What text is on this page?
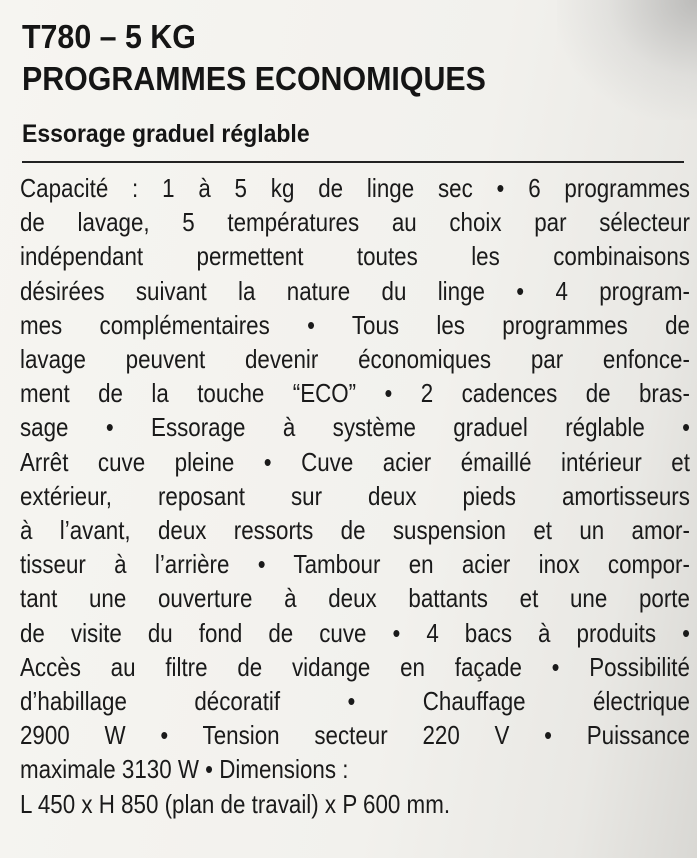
T780 – 5 KG
PROGRAMMES ECONOMIQUES
Essorage graduel réglable

Capacité : 1 à 5 kg de linge sec • 6 programmes
de lavage, 5 températures au choix par sélecteur
indépendant permettent toutes les combinaisons
désirées suivant la nature du linge • 4 program-
mes complémentaires • Tous les programmes de
lavage peuvent devenir économiques par enfonce-
ment de la touche “ECO” • 2 cadences de bras-
sage • Essorage à système graduel réglable •
Arrêt cuve pleine • Cuve acier émaillé intérieur et
extérieur, reposant sur deux pieds amortisseurs
à l’avant, deux ressorts de suspension et un amor-
tisseur à l’arrière • Tambour en acier inox compor-
tant une ouverture à deux battants et une porte
de visite du fond de cuve • 4 bacs à produits •
Accès au filtre de vidange en façade • Possibilité
d’habillage décoratif • Chauffage électrique
2900 W • Tension secteur 220 V • Puissance
maximale 3130 W • Dimensions :
L 450 x H 850 (plan de travail) x P 600 mm.
